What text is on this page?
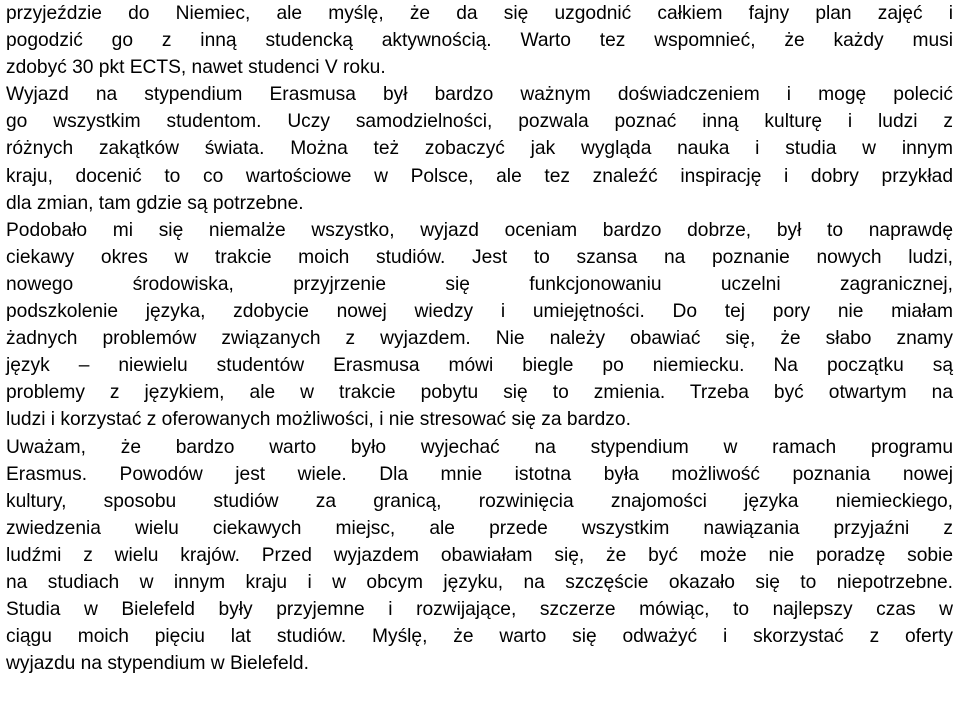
przyjeździe do Niemiec, ale myślę, że da się uzgodnić całkiem fajny plan zajęć i
pogodzić go z inną studencką aktywnością. Warto tez wspomnieć, że każdy musi
zdobyć 30 pkt ECTS, nawet studenci V roku.
Wyjazd na stypendium Erasmusa był bardzo ważnym doświadczeniem i mogę polecić
go wszystkim studentom. Uczy samodzielności, pozwala poznać inną kulturę i ludzi z
różnych zakątków świata. Można też zobaczyć jak wygląda nauka i studia w innym
kraju, docenić to co wartościowe w Polsce, ale tez znaleźć inspirację i dobry przykład
dla zmian, tam gdzie są potrzebne.
Podobało mi się niemalże wszystko, wyjazd oceniam bardzo dobrze, był to naprawdę
ciekawy okres w trakcie moich studiów. Jest to szansa na poznanie nowych ludzi,
nowego środowiska, przyjrzenie się funkcjonowaniu uczelni zagranicznej,
podszkolenie języka, zdobycie nowej wiedzy i umiejętności. Do tej pory nie miałam
żadnych problemów związanych z wyjazdem. Nie należy obawiać się, że słabo znamy
język – niewielu studentów Erasmusa mówi biegle po niemiecku. Na początku są
problemy z językiem, ale w trakcie pobytu się to zmienia. Trzeba być otwartym na
ludzi i korzystać z oferowanych możliwości, i nie stresować się za bardzo.
Uważam, że bardzo warto było wyjechać na stypendium w ramach programu
Erasmus. Powodów jest wiele. Dla mnie istotna była możliwość poznania nowej
kultury, sposobu studiów za granicą, rozwinięcia znajomości języka niemieckiego,
zwiedzenia wielu ciekawych miejsc, ale przede wszystkim nawiązania przyjaźni z
ludźmi z wielu krajów. Przed wyjazdem obawiałam się, że być może nie poradzę sobie
na studiach w innym kraju i w obcym języku, na szczęście okazało się to niepotrzebne.
Studia w Bielefeld były przyjemne i rozwijające, szczerze mówiąc, to najlepszy czas w
ciągu moich pięciu lat studiów. Myślę, że warto się odważyć i skorzystać z oferty
wyjazdu na stypendium w Bielefeld.
